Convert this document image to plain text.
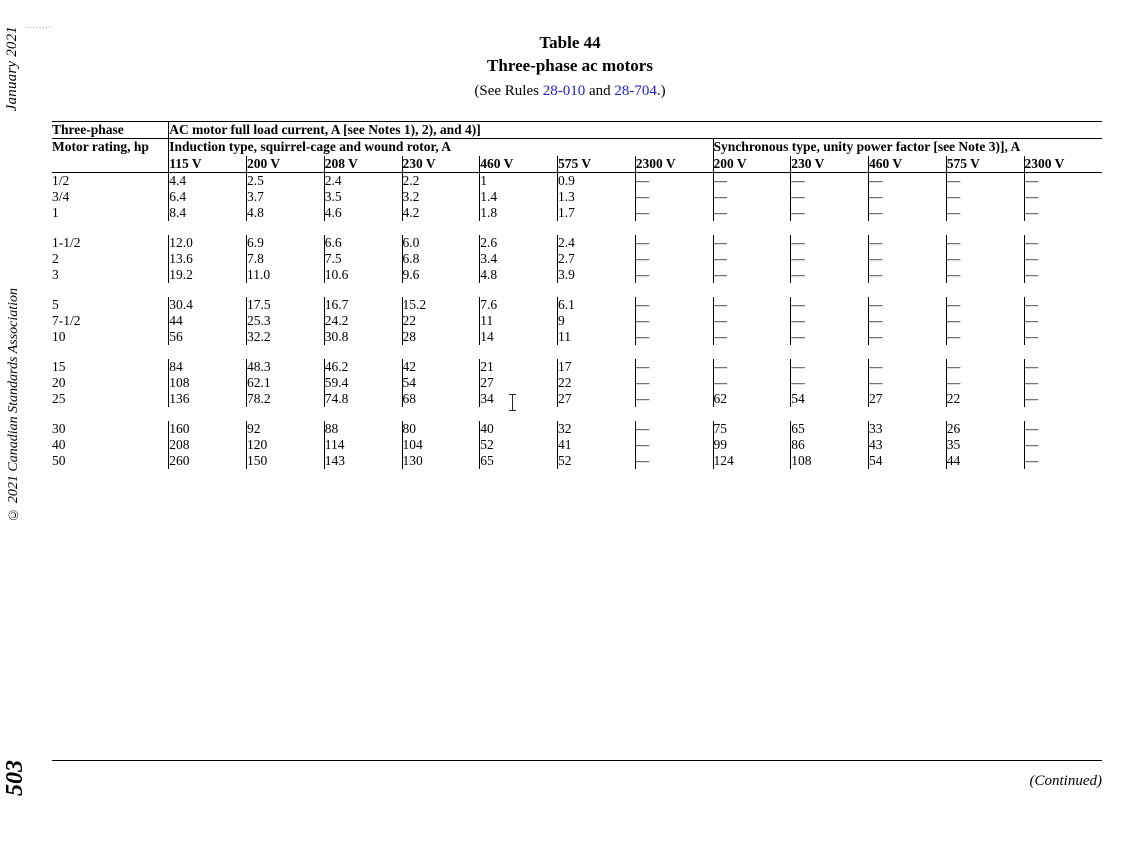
........
January 2021
© 2021 Canadian Standards Association
503
Table 44
Three-phase ac motors
(See Rules 28-010 and 28-704.)
Three-phase	AC motor full load current, A [see Notes 1), 2), and 4)]											
Motor rating, hp	Induction type, squirrel-cage and wound rotor, A							Synchronous type, unity power factor [see Note 3)], A				
	115 V	200 V	208 V	230 V	460 V	575 V	2300 V	200 V	230 V	460 V	575 V	2300 V
1/2	4.4	2.5	2.4	2.2	1	0.9	—	—	—	—	—	—
3/4	6.4	3.7	3.5	3.2	1.4	1.3	—	—	—	—	—	—
1	8.4	4.8	4.6	4.2	1.8	1.7	—	—	—	—	—	—

1-1/2	12.0	6.9	6.6	6.0	2.6	2.4	—	—	—	—	—	—
2	13.6	7.8	7.5	6.8	3.4	2.7	—	—	—	—	—	—
3	19.2	11.0	10.6	9.6	4.8	3.9	—	—	—	—	—	—

5	30.4	17.5	16.7	15.2	7.6	6.1	—	—	—	—	—	—
7-1/2	44	25.3	24.2	22	11	9	—	—	—	—	—	—
10	56	32.2	30.8	28	14	11	—	—	—	—	—	—

15	84	48.3	46.2	42	21	17	—	—	—	—	—	—
20	108	62.1	59.4	54	27	22	—	—	—	—	—	—
25	136	78.2	74.8	68	34	27	—	62	54	27	22	—

30	160	92	88	80	40	32	—	75	65	33	26	—
40	208	120	114	104	52	41	—	99	86	43	35	—
50	260	150	143	130	65	52	—	124	108	54	44	—
(Continued)
